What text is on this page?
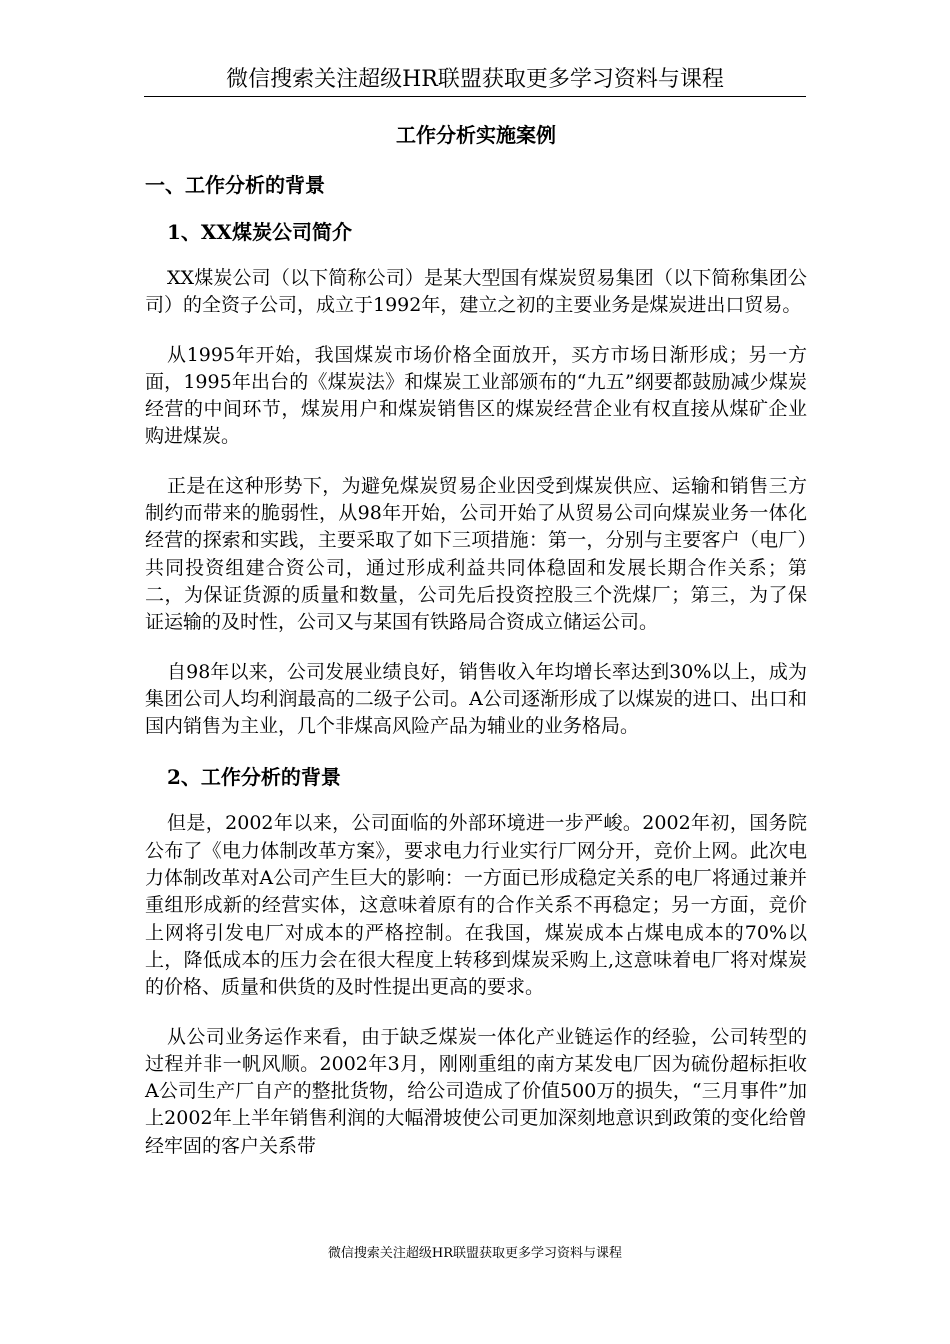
微信搜索关注超级HR联盟获取更多学习资料与课程
工作分析实施案例
一、工作分析的背景
1、XX煤炭公司简介

XX煤炭公司（以下简称公司）是某大型国有煤炭贸易集团（以下简称集团公司）的全资子公司，成立于1992年，建立之初的主要业务是煤炭进出口贸易。

从1995年开始，我国煤炭市场价格全面放开，买方市场日渐形成；另一方面，1995年出台的《煤炭法》和煤炭工业部颁布的“九五”纲要都鼓励减少煤炭经营的中间环节，煤炭用户和煤炭销售区的煤炭经营企业有权直接从煤矿企业购进煤炭。

正是在这种形势下，为避免煤炭贸易企业因受到煤炭供应、运输和销售三方制约而带来的脆弱性，从98年开始，公司开始了从贸易公司向煤炭业务一体化经营的探索和实践，主要采取了如下三项措施：第一，分别与主要客户（电厂）共同投资组建合资公司，通过形成利益共同体稳固和发展长期合作关系；第二，为保证货源的质量和数量，公司先后投资控股三个洗煤厂；第三，为了保证运输的及时性，公司又与某国有铁路局合资成立储运公司。

自98年以来，公司发展业绩良好，销售收入年均增长率达到30%以上，成为集团公司人均利润最高的二级子公司。A公司逐渐形成了以煤炭的进口、出口和国内销售为主业，几个非煤高风险产品为辅业的业务格局。

2、工作分析的背景

但是，2002年以来，公司面临的外部环境进一步严峻。2002年初，国务院公布了《电力体制改革方案》，要求电力行业实行厂网分开，竞价上网。此次电力体制改革对A公司产生巨大的影响：一方面已形成稳定关系的电厂将通过兼并重组形成新的经营实体，这意味着原有的合作关系不再稳定；另一方面，竞价上网将引发电厂对成本的严格控制。在我国，煤炭成本占煤电成本的70%以上，降低成本的压力会在很大程度上转移到煤炭采购上,这意味着电厂将对煤炭的价格、质量和供货的及时性提出更高的要求。

从公司业务运作来看，由于缺乏煤炭一体化产业链运作的经验，公司转型的过程并非一帆风顺。2002年3月，刚刚重组的南方某发电厂因为硫份超标拒收A公司生产厂自产的整批货物，给公司造成了价值500万的损失，“三月事件”加上2002年上半年销售利润的大幅滑坡使公司更加深刻地意识到政策的变化给曾经牢固的客户关系带

微信搜索关注超级HR联盟获取更多学习资料与课程
